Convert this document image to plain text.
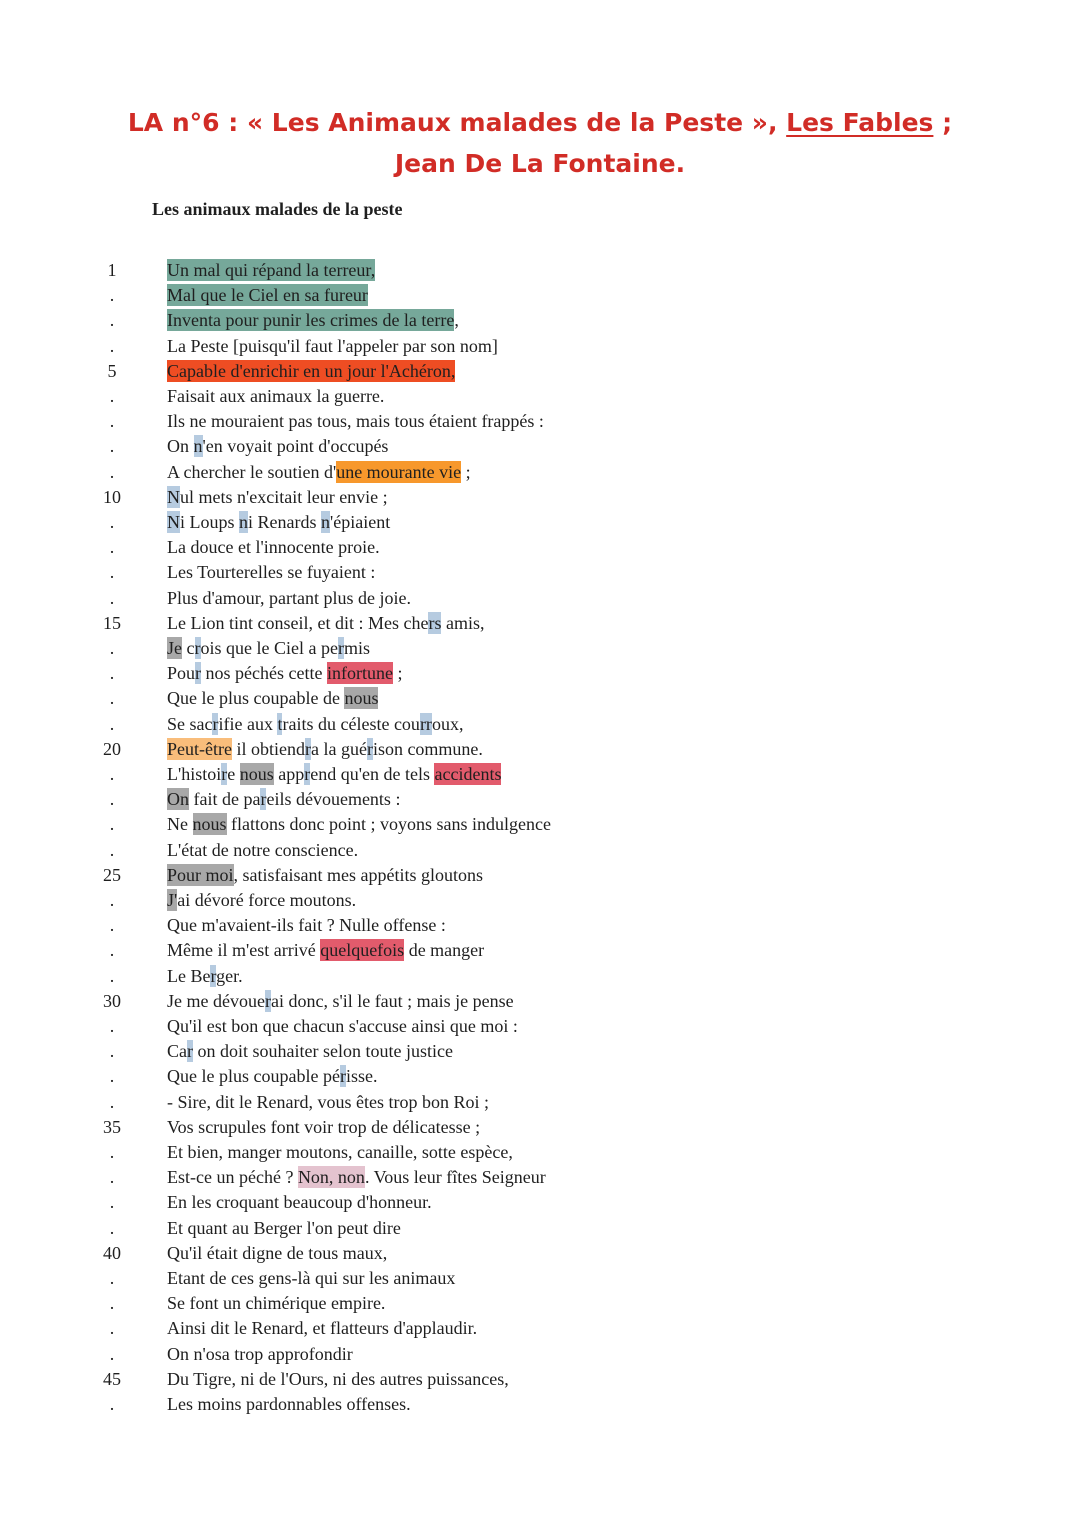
LA n°6 : « Les Animaux malades de la Peste », Les Fables ;
Jean De La Fontaine.
Les animaux malades de la peste
1	Un mal qui répand la terreur,
.	Mal que le Ciel en sa fureur
.	Inventa pour punir les crimes de la terre,
.	La Peste [puisqu'il faut l'appeler par son nom]
5	Capable d'enrichir en un jour l'Achéron,
.	Faisait aux animaux la guerre.
.	Ils ne mouraient pas tous, mais tous étaient frappés :
.	On n'en voyait point d'occupés
.	A chercher le soutien d'une mourante vie ;
10	Nul mets n'excitait leur envie ;
.	Ni Loups ni Renards n'épiaient
.	La douce et l'innocente proie.
.	Les Tourterelles se fuyaient :
.	Plus d'amour, partant plus de joie.
15	Le Lion tint conseil, et dit : Mes chers amis,
.	Je crois que le Ciel a permis
.	Pour nos péchés cette infortune ;
.	Que le plus coupable de nous
.	Se sacrifie aux traits du céleste courroux,
20	Peut-être il obtiendra la guérison commune.
.	L'histoire nous apprend qu'en de tels accidents
.	On fait de pareils dévouements :
.	Ne nous flattons donc point ; voyons sans indulgence
.	L'état de notre conscience.
25	Pour moi, satisfaisant mes appétits gloutons
.	J'ai dévoré force moutons.
.	Que m'avaient-ils fait ? Nulle offense :
.	Même il m'est arrivé quelquefois de manger
.	Le Berger.
30	Je me dévouerai donc, s'il le faut ; mais je pense
.	Qu'il est bon que chacun s'accuse ainsi que moi :
.	Car on doit souhaiter selon toute justice
.	Que le plus coupable périsse.
.	- Sire, dit le Renard, vous êtes trop bon Roi ;
35	Vos scrupules font voir trop de délicatesse ;
.	Et bien, manger moutons, canaille, sotte espèce,
.	Est-ce un péché ? Non, non. Vous leur fîtes Seigneur
.	En les croquant beaucoup d'honneur.
.	Et quant au Berger l'on peut dire
40	Qu'il était digne de tous maux,
.	Etant de ces gens-là qui sur les animaux
.	Se font un chimérique empire.
.	Ainsi dit le Renard, et flatteurs d'applaudir.
.	On n'osa trop approfondir
45	Du Tigre, ni de l'Ours, ni des autres puissances,
.	Les moins pardonnables offenses.
